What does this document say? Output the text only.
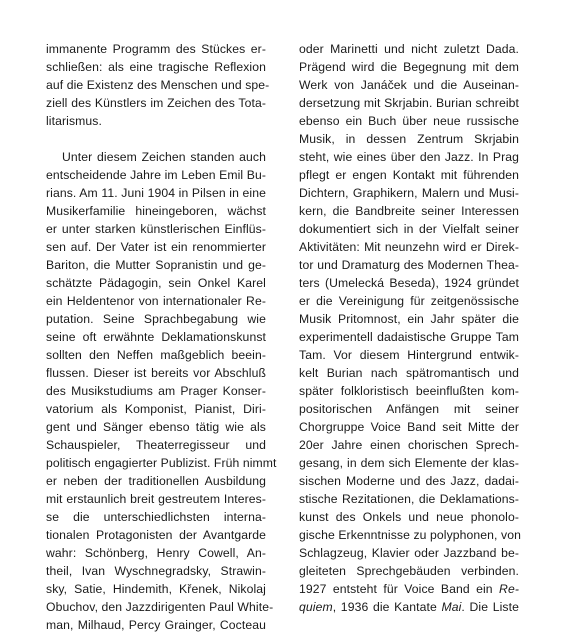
immanente Programm des Stückes er-
schließen: als eine tragische Reflexion
auf die Existenz des Menschen und spe-
ziell des Künstlers im Zeichen des Tota-
litarismus.
Unter diesem Zeichen standen auch
entscheidende Jahre im Leben Emil Bu-
rians. Am 11. Juni 1904 in Pilsen in eine
Musikerfamilie hineingeboren, wächst
er unter starken künstlerischen Einflüs-
sen auf. Der Vater ist ein renommierter
Bariton, die Mutter Sopranistin und ge-
schätzte Pädagogin, sein Onkel Karel
ein Heldentenor von internationaler Re-
putation. Seine Sprachbegabung wie
seine oft erwähnte Deklamationskunst
sollten den Neffen maßgeblich beein-
flussen. Dieser ist bereits vor Abschluß
des Musikstudiums am Prager Konser-
vatorium als Komponist, Pianist, Diri-
gent und Sänger ebenso tätig wie als
Schauspieler, Theaterregisseur und
politisch engagierter Publizist. Früh nimmt
er neben der traditionellen Ausbildung
mit erstaunlich breit gestreutem Interes-
se die unterschiedlichsten interna-
tionalen Protagonisten der Avantgarde
wahr: Schönberg, Henry Cowell, An-
theil, Ivan Wyschnegradsky, Strawin-
sky, Satie, Hindemith, Křenek, Nikolaj
Obuchov, den Jazzdirigenten Paul White-
man, Milhaud, Percy Grainger, Cocteau
oder Marinetti und nicht zuletzt Dada.
Prägend wird die Begegnung mit dem
Werk von Janáček und die Auseinan-
dersetzung mit Skrjabin. Burian schreibt
ebenso ein Buch über neue russische
Musik, in dessen Zentrum Skrjabin
steht, wie eines über den Jazz. In Prag
pflegt er engen Kontakt mit führenden
Dichtern, Graphikern, Malern und Musi-
kern, die Bandbreite seiner Interessen
dokumentiert sich in der Vielfalt seiner
Aktivitäten: Mit neunzehn wird er Direk-
tor und Dramaturg des Modernen Thea-
ters (Umelecká Beseda), 1924 gründet
er die Vereinigung für zeitgenössische
Musik Pritomnost, ein Jahr später die
experimentell dadaistische Gruppe Tam
Tam. Vor diesem Hintergrund entwik-
kelt Burian nach spätromantisch und
später folkloristisch beeinflußten kom-
positorischen Anfängen mit seiner
Chorgruppe Voice Band seit Mitte der
20er Jahre einen chorischen Sprech-
gesang, in dem sich Elemente der klas-
sischen Moderne und des Jazz, dadai-
stische Rezitationen, die Deklamations-
kunst des Onkels und neue phonolo-
gische Erkenntnisse zu polyphonen, von
Schlagzeug, Klavier oder Jazzband be-
gleiteten Sprechgebäuden verbinden.
1927 entsteht für Voice Band ein Re-
quiem, 1936 die Kantate Mai. Die Liste
